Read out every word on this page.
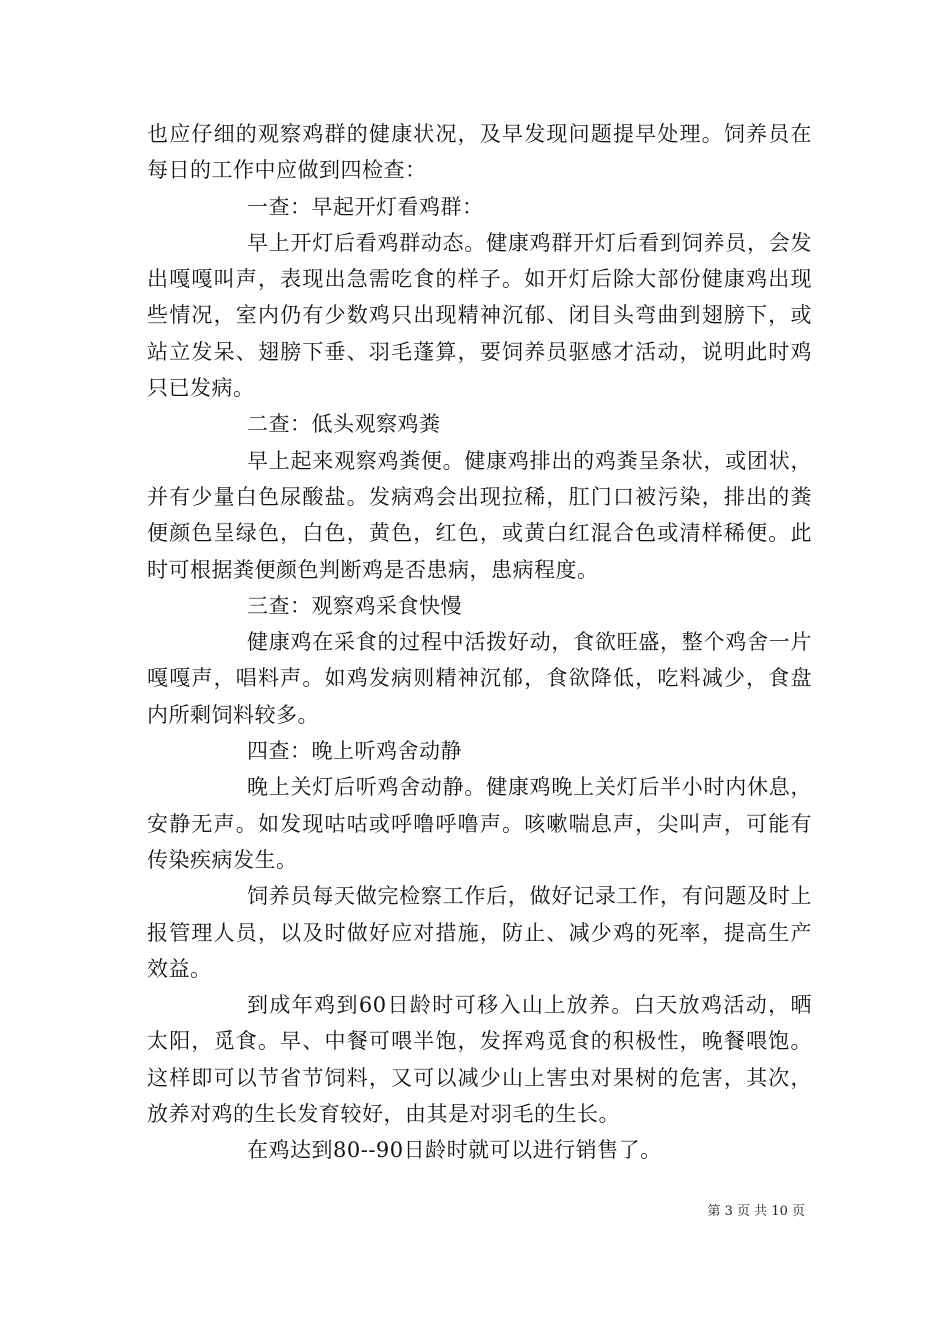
也应仔细的观察鸡群的健康状况，及早发现问题提早处理。饲养员在每日的工作中应做到四检查：

一查：早起开灯看鸡群：

早上开灯后看鸡群动态。健康鸡群开灯后看到饲养员，会发出嘎嘎叫声，表现出急需吃食的样子。如开灯后除大部份健康鸡出现些情况，室内仍有少数鸡只出现精神沉郁、闭目头弯曲到翅膀下，或站立发呆、翅膀下垂、羽毛蓬算，要饲养员驱感才活动，说明此时鸡只已发病。

二查：低头观察鸡粪

早上起来观察鸡粪便。健康鸡排出的鸡粪呈条状，或团状，并有少量白色尿酸盐。发病鸡会出现拉稀，肛门口被污染，排出的粪便颜色呈绿色，白色，黄色，红色，或黄白红混合色或清样稀便。此时可根据粪便颜色判断鸡是否患病，患病程度。

三查：观察鸡采食快慢

健康鸡在采食的过程中活拨好动，食欲旺盛，整个鸡舍一片嘎嘎声，唱料声。如鸡发病则精神沉郁，食欲降低，吃料减少，食盘内所剩饲料较多。

四查：晚上听鸡舍动静

晚上关灯后听鸡舍动静。健康鸡晚上关灯后半小时内休息，安静无声。如发现咕咕或呼噜呼噜声。咳嗽喘息声，尖叫声，可能有传染疾病发生。

饲养员每天做完检察工作后，做好记录工作，有问题及时上报管理人员，以及时做好应对措施，防止、减少鸡的死率，提高生产效益。

到成年鸡到60日龄时可移入山上放养。白天放鸡活动，晒太阳，觅食。早、中餐可喂半饱，发挥鸡觅食的积极性，晚餐喂饱。这样即可以节省节饲料，又可以减少山上害虫对果树的危害，其次，放养对鸡的生长发育较好，由其是对羽毛的生长。

在鸡达到80--90日龄时就可以进行销售了。

第 3 页 共 10 页
